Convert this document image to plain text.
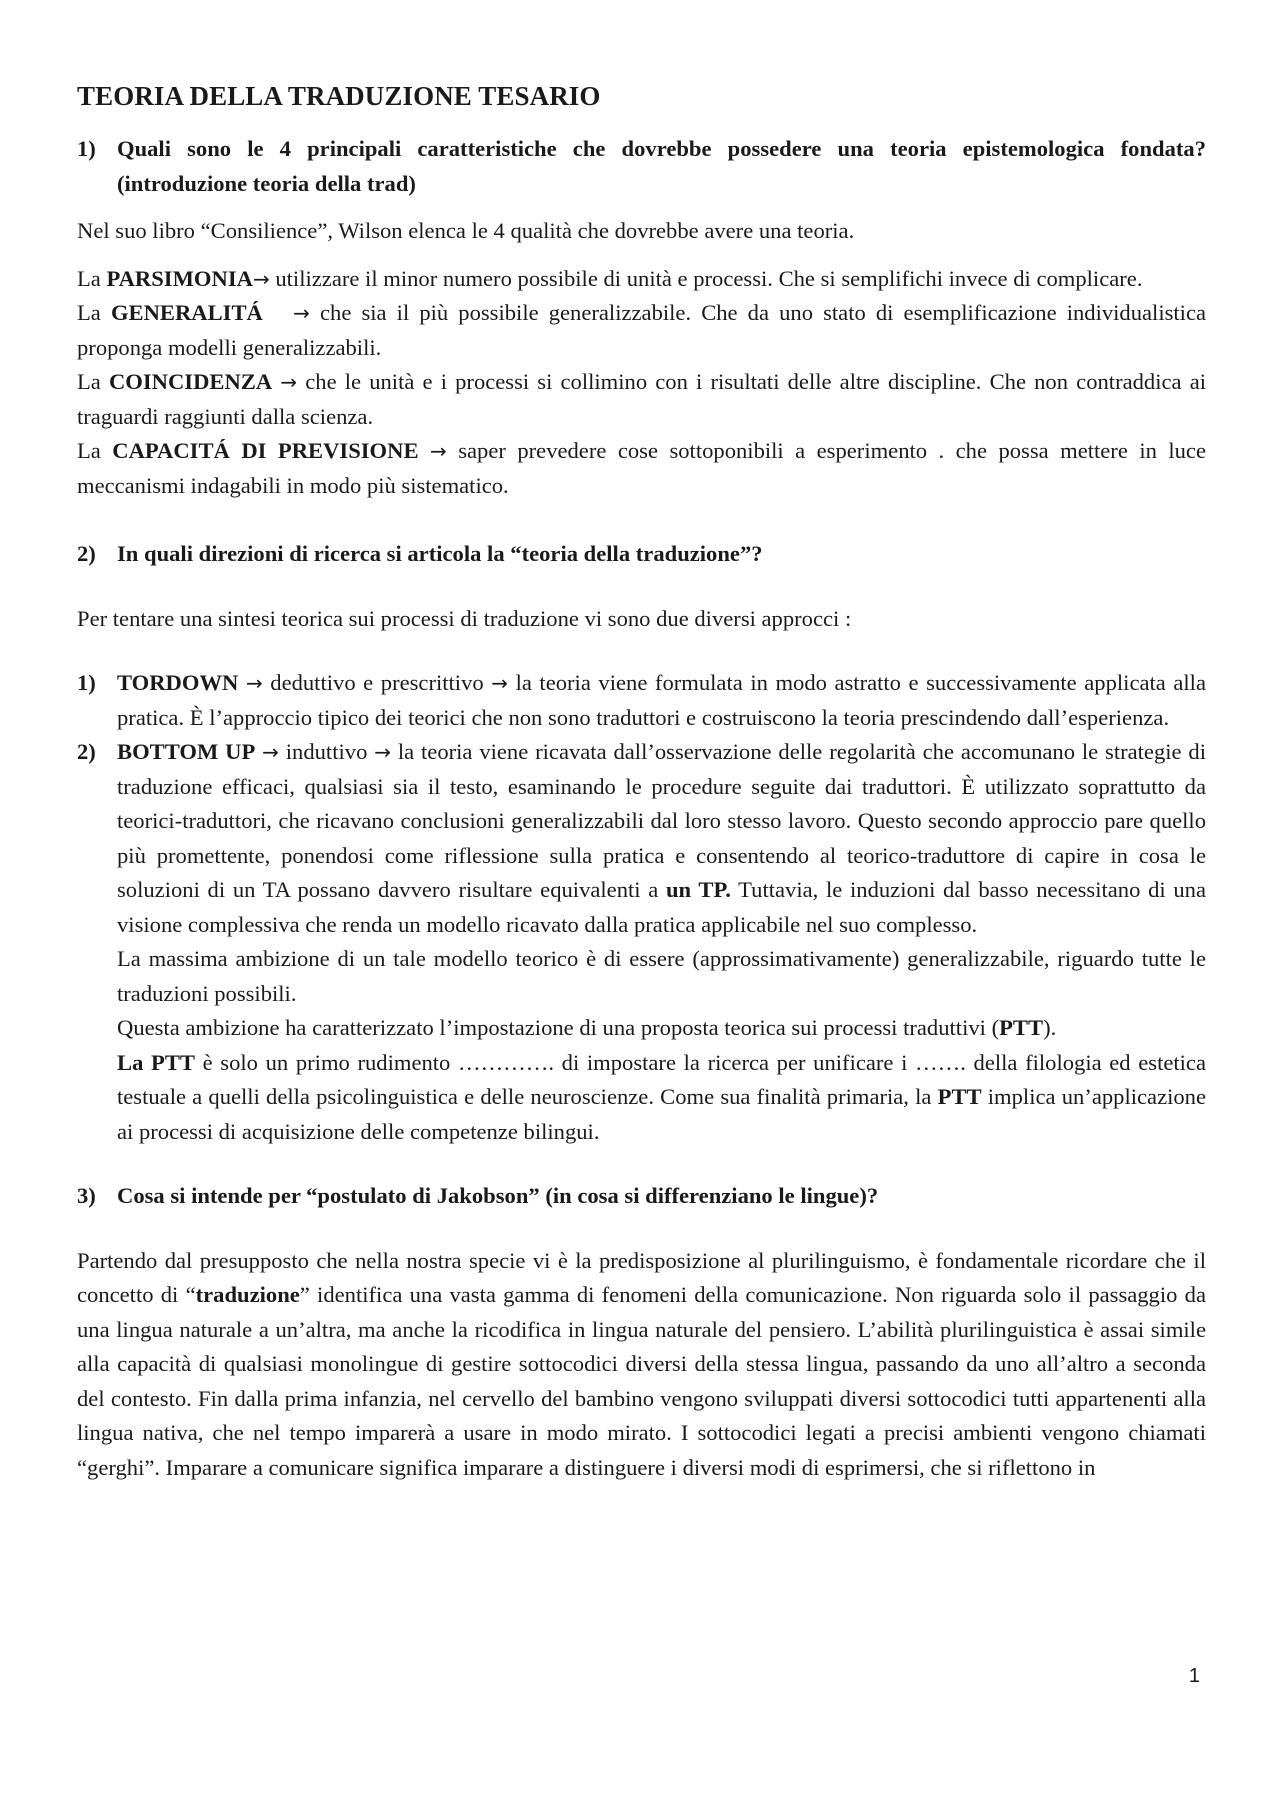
TEORIA DELLA TRADUZIONE TESARIO
1) Quali sono le 4 principali caratteristiche che dovrebbe possedere una teoria epistemologica fondata? (introduzione teoria della trad)

Nel suo libro “Consilience”, Wilson elenca le 4 qualità che dovrebbe avere una teoria.

La PARSIMONIA→ utilizzare il minor numero possibile di unità e processi. Che si semplifichi invece di complicare.

La GENERALITÁ → che sia il più possibile generalizzabile. Che da uno stato di esemplificazione individualistica proponga modelli generalizzabili.

La COINCIDENZA → che le unità e i processi si collimino con i risultati delle altre discipline. Che non contraddica ai traguardi raggiunti dalla scienza.

La CAPACITÁ DI PREVISIONE → saper prevedere cose sottoponibili a esperimento . che possa mettere in luce meccanismi indagabili in modo più sistematico.

2) In quali direzioni di ricerca si articola la “teoria della traduzione”?

Per tentare una sintesi teorica sui processi di traduzione vi sono due diversi approcci :

1) TORDOWN → deduttivo e prescrittivo → la teoria viene formulata in modo astratto e successivamente applicata alla pratica. È l’approccio tipico dei teorici che non sono traduttori e costruiscono la teoria prescindendo dall’esperienza.
2) BOTTOM UP → induttivo → la teoria viene ricavata dall’osservazione delle regolarità che accomunano le strategie di traduzione efficaci, qualsiasi sia il testo, esaminando le procedure seguite dai traduttori. È utilizzato soprattutto da teorici-traduttori, che ricavano conclusioni generalizzabili dal loro stesso lavoro. Questo secondo approccio pare quello più promettente, ponendosi come riflessione sulla pratica e consentendo al teorico-traduttore di capire in cosa le soluzioni di un TA possano davvero risultare equivalenti a un TP. Tuttavia, le induzioni dal basso necessitano di una visione complessiva che renda un modello ricavato dalla pratica applicabile nel suo complesso.

La massima ambizione di un tale modello teorico è di essere (approssimativamente) generalizzabile, riguardo tutte le traduzioni possibili.

Questa ambizione ha caratterizzato l’impostazione di una proposta teorica sui processi traduttivi (PTT).

La PTT è solo un primo rudimento …………. di impostare la ricerca per unificare i ……. della filologia ed estetica testuale a quelli della psicolinguistica e delle neuroscienze. Come sua finalità primaria, la PTT implica un’applicazione ai processi di acquisizione delle competenze bilingui.

3) Cosa si intende per “postulato di Jakobson” (in cosa si differenziano le lingue)?

Partendo dal presupposto che nella nostra specie vi è la predisposizione al plurilinguismo, è fondamentale ricordare che il concetto di “traduzione” identifica una vasta gamma di fenomeni della comunicazione. Non riguarda solo il passaggio da una lingua naturale a un’altra, ma anche la ricodifica in lingua naturale del pensiero. L’abilità plurilinguistica è assai simile alla capacità di qualsiasi monolingue di gestire sottocodici diversi della stessa lingua, passando da uno all’altro a seconda del contesto. Fin dalla prima infanzia, nel cervello del bambino vengono sviluppati diversi sottocodici tutti appartenenti alla lingua nativa, che nel tempo imparerà a usare in modo mirato. I sottocodici legati a precisi ambienti vengono chiamati “gerghi”. Imparare a comunicare significa imparare a distinguere i diversi modi di esprimersi, che si riflettono in

1
